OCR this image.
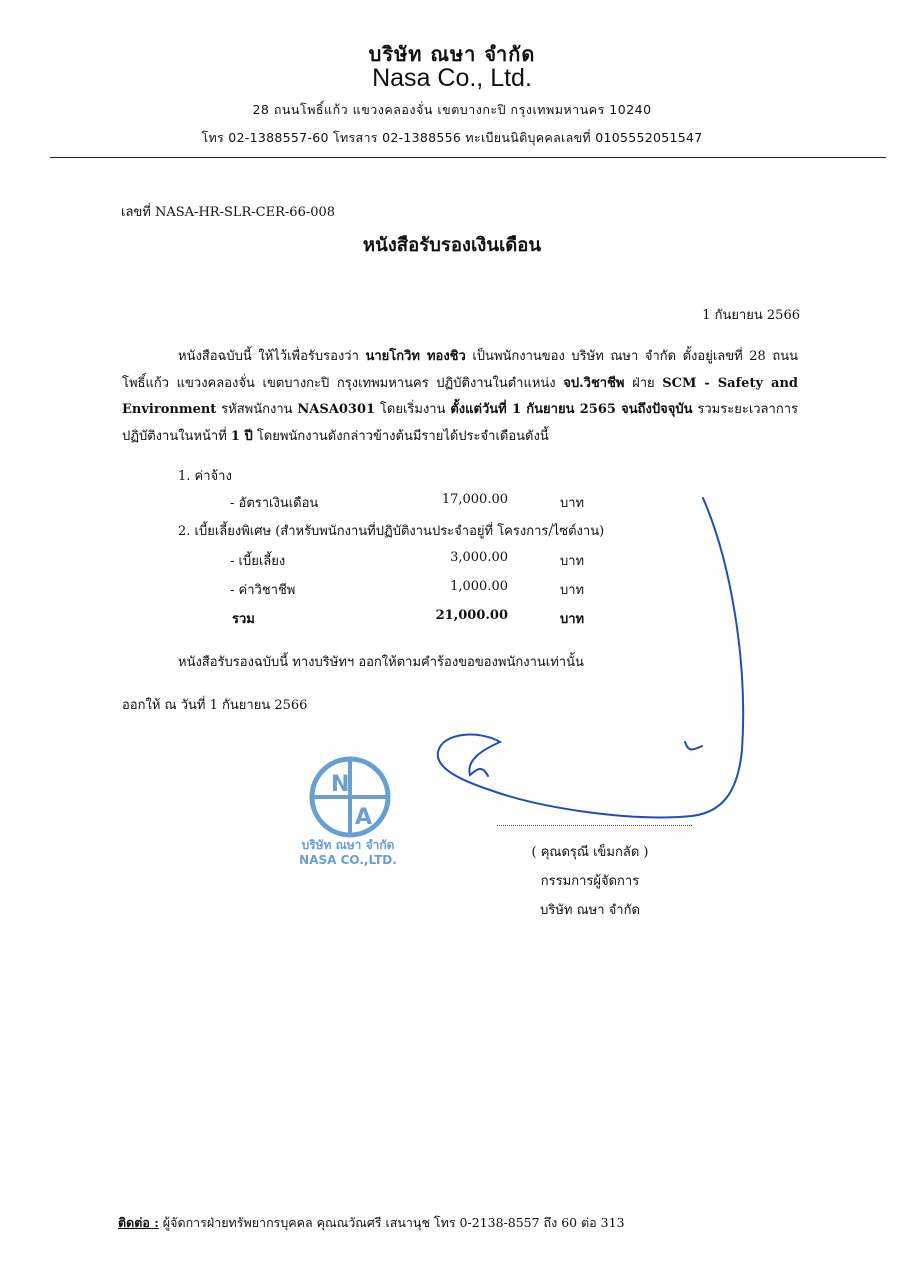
บริษัท ณษา จำกัด
Nasa Co., Ltd.
28 ถนนโพธิ์แก้ว แขวงคลองจั่น เขตบางกะปิ กรุงเทพมหานคร 10240
โทร 02-1388557-60 โทรสาร 02-1388556 ทะเบียนนิติบุคคลเลขที่ 0105552051547
เลขที่ NASA-HR-SLR-CER-66-008
หนังสือรับรองเงินเดือน
1 กันยายน 2566
หนังสือฉบับนี้ ให้ไว้เพื่อรับรองว่า นายโกวิท ทองชิว เป็นพนักงานของ บริษัท ณษา จำกัด ตั้งอยู่เลขที่ 28 ถนนโพธิ์แก้ว แขวงคลองจั่น เขตบางกะปิ กรุงเทพมหานคร ปฏิบัติงานในตำแหน่ง จป.วิชาชีพ ฝ่าย SCM - Safety and Environment รหัสพนักงาน NASA0301 โดยเริ่มงาน ตั้งแต่วันที่ 1 กันยายน 2565 จนถึงปัจจุบัน รวมระยะเวลาการปฏิบัติงานในหน้าที่ 1 ปี โดยพนักงานดังกล่าวข้างต้นมีรายได้ประจำเดือนดังนี้
1. ค่าจ้าง
- อัตราเงินเดือน	17,000.00	บาท
2. เบี้ยเลี้ยงพิเศษ (สำหรับพนักงานที่ปฏิบัติงานประจำอยู่ที่ โครงการ/ไซต์งาน)
- เบี้ยเลี้ยง	3,000.00	บาท
- ค่าวิชาชีพ	1,000.00	บาท
รวม	21,000.00	บาท
หนังสือรับรองฉบับนี้ ทางบริษัทฯ ออกให้ตามคำร้องขอของพนักงานเท่านั้น
ออกให้ ณ วันที่ 1 กันยายน 2566
N
A
บริษัท ณษา จำกัด
NASA CO.,LTD.	( คุณดรุณี เข็มกลัด )
กรรมการผู้จัดการ
บริษัท ณษา จำกัด
ติดต่อ : ผู้จัดการฝ่ายทรัพยากรบุคคล คุณณวัณศรี เสนานุช โทร 0-2138-8557 ถึง 60 ต่อ 313
